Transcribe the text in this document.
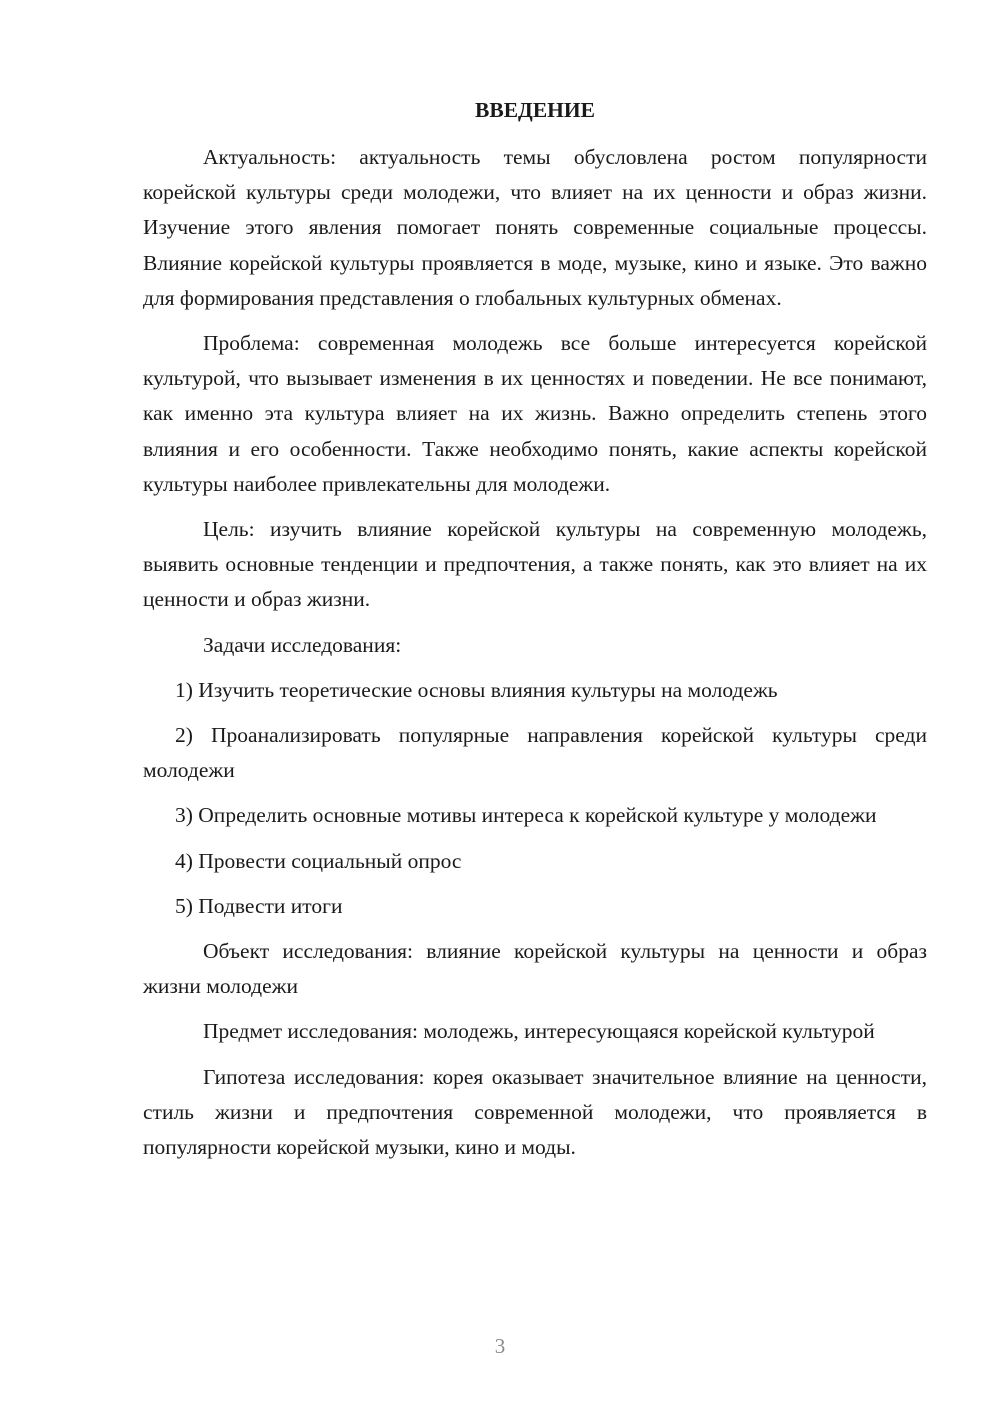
ВВЕДЕНИЕ

Актуальность: актуальность темы обусловлена ростом популярности корейской культуры среди молодежи, что влияет на их ценности и образ жизни. Изучение этого явления помогает понять современные социальные процессы. Влияние корейской культуры проявляется в моде, музыке, кино и языке. Это важно для формирования представления о глобальных культурных обменах.

Проблема: современная молодежь все больше интересуется корейской культурой, что вызывает изменения в их ценностях и поведении. Не все понимают, как именно эта культура влияет на их жизнь. Важно определить степень этого влияния и его особенности. Также необходимо понять, какие аспекты корейской культуры наиболее привлекательны для молодежи.

Цель: изучить влияние корейской культуры на современную молодежь, выявить основные тенденции и предпочтения, а также понять, как это влияет на их ценности и образ жизни.

Задачи исследования:

1) Изучить теоретические основы влияния культуры на молодежь

2) Проанализировать популярные направления корейской культуры среди молодежи

3) Определить основные мотивы интереса к корейской культуре у молодежи

4) Провести социальный опрос

5) Подвести итоги

Объект исследования: влияние корейской культуры на ценности и образ жизни молодежи

Предмет исследования: молодежь, интересующаяся корейской культурой

Гипотеза исследования: корея оказывает значительное влияние на ценности, стиль жизни и предпочтения современной молодежи, что проявляется в популярности корейской музыки, кино и моды.

3
